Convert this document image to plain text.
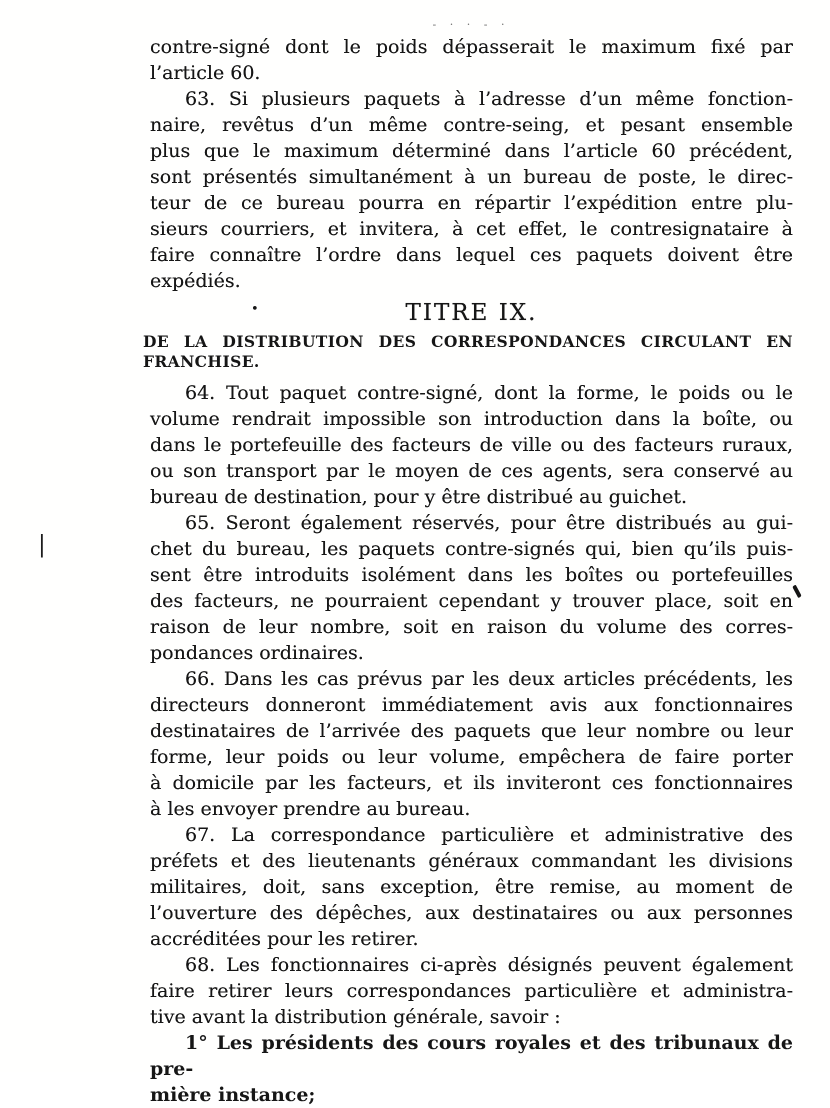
- · · - ·
|
contre-signé dont le poids dépasserait le maximum fixé par
l’article 60.
63. Si plusieurs paquets à l’adresse d’un même fonction-
naire, revêtus d’un même contre-seing, et pesant ensemble
plus que le maximum déterminé dans l’article 60 précédent,
sont présentés simultanément à un bureau de poste, le direc-
teur de ce bureau pourra en répartir l’expédition entre plu-
sieurs courriers, et invitera, à cet effet, le contresignataire à
faire connaître l’ordre dans lequel ces paquets doivent être
expédiés.
•	TITRE IX.
DE LA DISTRIBUTION DES CORRESPONDANCES CIRCULANT EN FRANCHISE.
64. Tout paquet contre-signé, dont la forme, le poids ou le
volume rendrait impossible son introduction dans la boîte, ou
dans le portefeuille des facteurs de ville ou des facteurs ruraux,
ou son transport par le moyen de ces agents, sera conservé au
bureau de destination, pour y être distribué au guichet.
65. Seront également réservés, pour être distribués au gui-
chet du bureau, les paquets contre-signés qui, bien qu’ils puis-
sent être introduits isolément dans les boîtes ou portefeuilles
des facteurs, ne pourraient cependant y trouver place, soit en
raison de leur nombre, soit en raison du volume des corres-
pondances ordinaires.
66. Dans les cas prévus par les deux articles précédents, les
directeurs donneront immédiatement avis aux fonctionnaires
destinataires de l’arrivée des paquets que leur nombre ou leur
forme, leur poids ou leur volume, empêchera de faire porter
à domicile par les facteurs, et ils inviteront ces fonctionnaires
à les envoyer prendre au bureau.
67. La correspondance particulière et administrative des
préfets et des lieutenants généraux commandant les divisions
militaires, doit, sans exception, être remise, au moment de
l’ouverture des dépêches, aux destinataires ou aux personnes
accréditées pour les retirer.
68. Les fonctionnaires ci-après désignés peuvent également
faire retirer leurs correspondances particulière et administra-
tive avant la distribution générale, savoir :
1° Les présidents des cours royales et des tribunaux de pre-
mière instance;
